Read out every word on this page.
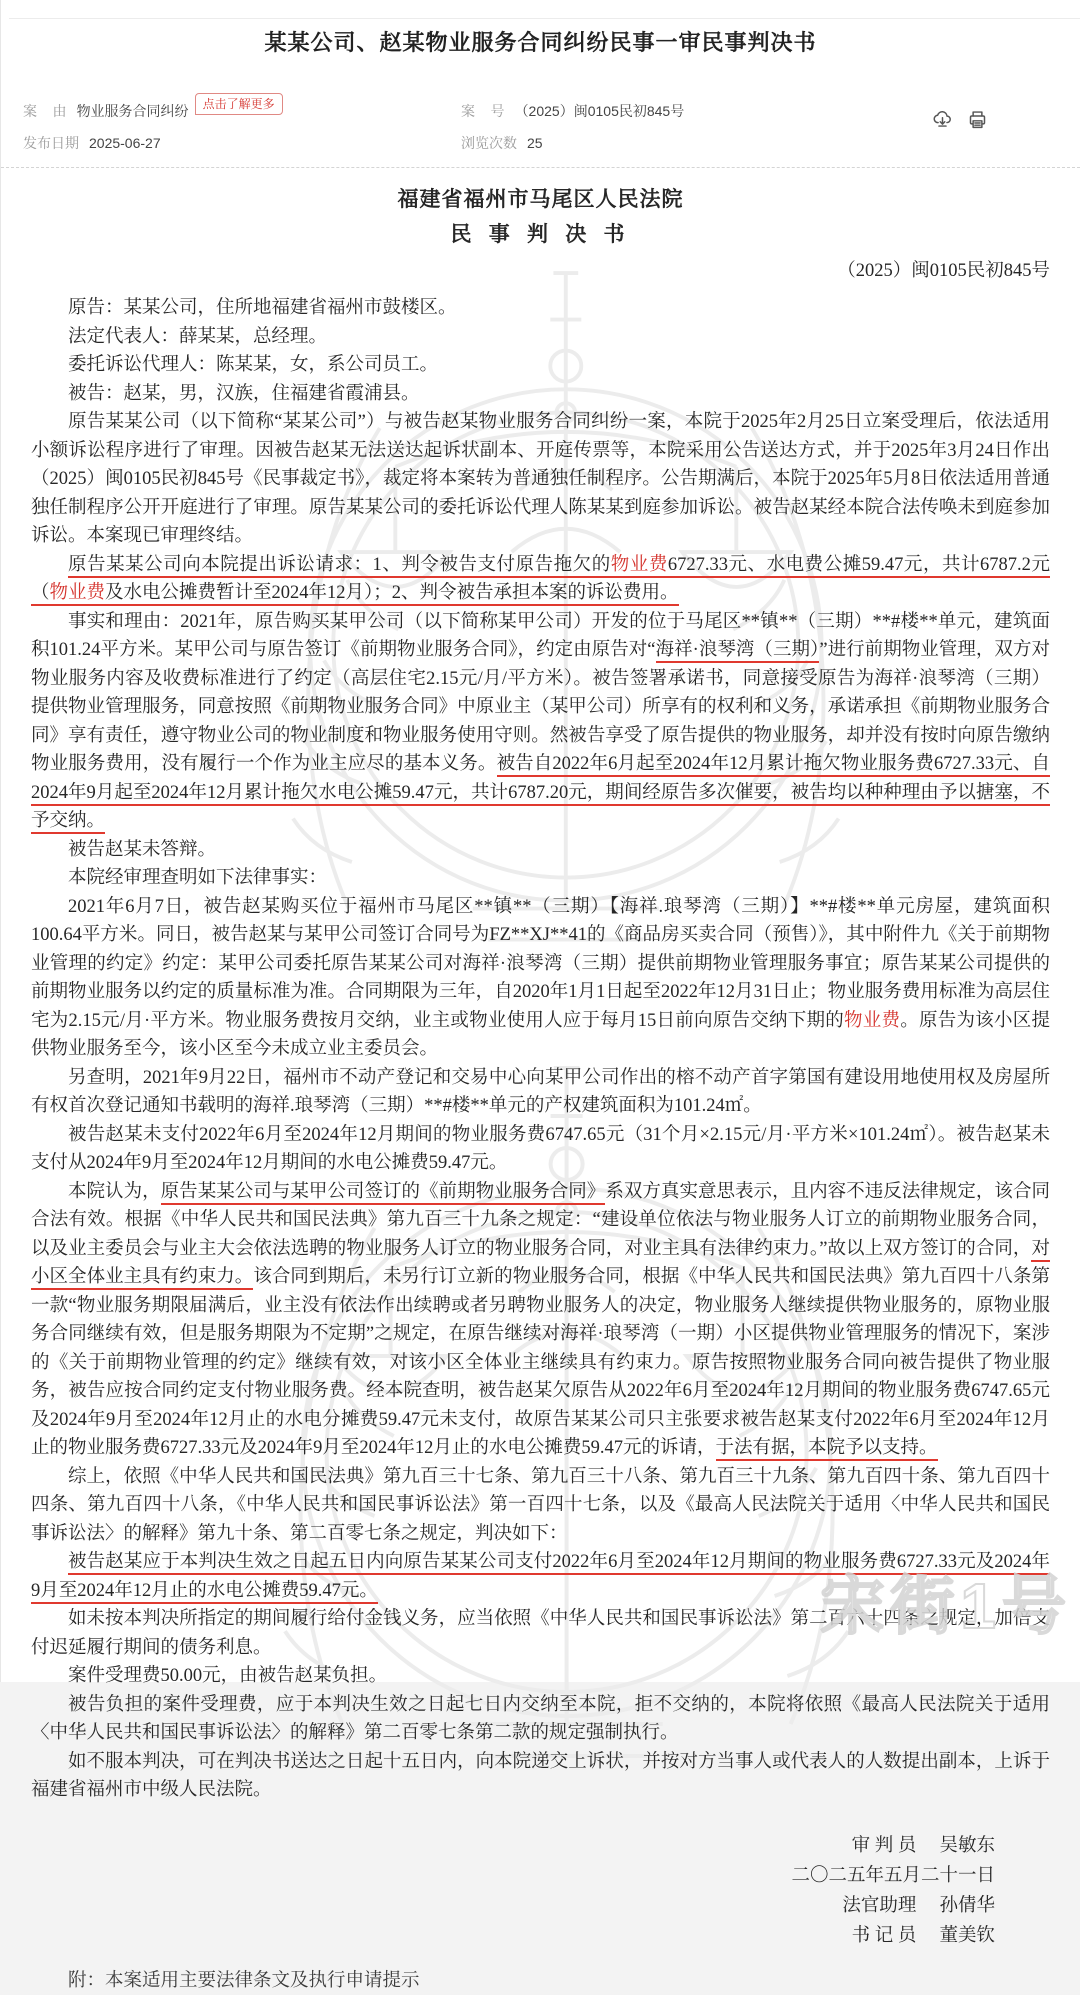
某某公司、赵某物业服务合同纠纷民事一审民事判决书
案    由 物业服务合同纠纷	点击了解更多	案    号 （2025）闽0105民初845号
发布日期 2025-06-27	浏览次数 25
宋街1号
福建省福州市马尾区人民法院
民 事 判 决 书
（2025）闽0105民初845号

原告：某某公司，住所地福建省福州市鼓楼区。

法定代表人：薛某某，总经理。

委托诉讼代理人：陈某某，女，系公司员工。

被告：赵某，男，汉族，住福建省霞浦县。

原告某某公司（以下简称“某某公司”）与被告赵某物业服务合同纠纷一案，本院于2025年2月25日立案受理后，依法适用小额诉讼程序进行了审理。因被告赵某无法送达起诉状副本、开庭传票等，本院采用公告送达方式，并于2025年3月24日作出（2025）闽0105民初845号《民事裁定书》，裁定将本案转为普通独任制程序。公告期满后，本院于2025年5月8日依法适用普通独任制程序公开开庭进行了审理。原告某某公司的委托诉讼代理人陈某某到庭参加诉讼。被告赵某经本院合法传唤未到庭参加诉讼。本案现已审理终结。

原告某某公司向本院提出诉讼请求：1、判令被告支付原告拖欠的物业费6727.33元、水电费公摊59.47元，共计6787.2元（物业费及水电公摊费暂计至2024年12月）；2、判令被告承担本案的诉讼费用。

事实和理由：2021年，原告购买某甲公司（以下简称某甲公司）开发的位于马尾区**镇**（三期）**#楼**单元，建筑面积101.24平方米。某甲公司与原告签订《前期物业服务合同》，约定由原告对“海祥·浪琴湾（三期）”进行前期物业管理，双方对物业服务内容及收费标准进行了约定（高层住宅2.15元/月/平方米）。被告签署承诺书，同意接受原告为海祥·浪琴湾（三期）提供物业管理服务，同意按照《前期物业服务合同》中原业主（某甲公司）所享有的权利和义务，承诺承担《前期物业服务合同》享有责任，遵守物业公司的物业制度和物业服务使用守则。然被告享受了原告提供的物业服务，却并没有按时向原告缴纳物业服务费用，没有履行一个作为业主应尽的基本义务。被告自2022年6月起至2024年12月累计拖欠物业服务费6727.33元、自2024年9月起至2024年12月累计拖欠水电公摊59.47元，共计6787.20元，期间经原告多次催要，被告均以种种理由予以搪塞，不予交纳。

被告赵某未答辩。

本院经审理查明如下法律事实：

2021年6月7日，被告赵某购买位于福州市马尾区**镇**（三期）【海祥.琅琴湾（三期）】**#楼**单元房屋，建筑面积100.64平方米。同日，被告赵某与某甲公司签订合同号为FZ**XJ**41的《商品房买卖合同（预售）》，其中附件九《关于前期物业管理的约定》约定：某甲公司委托原告某某公司对海祥·浪琴湾（三期）提供前期物业管理服务事宜；原告某某公司提供的前期物业服务以约定的质量标准为准。合同期限为三年，自2020年1月1日起至2022年12月31日止；物业服务费用标准为高层住宅为2.15元/月·平方米。物业服务费按月交纳，业主或物业使用人应于每月15日前向原告交纳下期的物业费。原告为该小区提供物业服务至今，该小区至今未成立业主委员会。

另查明，2021年9月22日，福州市不动产登记和交易中心向某甲公司作出的榕不动产首字第国有建设用地使用权及房屋所有权首次登记通知书载明的海祥.琅琴湾（三期）**#楼**单元的产权建筑面积为101.24㎡。

被告赵某未支付2022年6月至2024年12月期间的物业服务费6747.65元（31个月×2.15元/月·平方米×101.24㎡）。被告赵某未支付从2024年9月至2024年12月期间的水电公摊费59.47元。

本院认为，原告某某公司与某甲公司签订的《前期物业服务合同》系双方真实意思表示，且内容不违反法律规定，该合同合法有效。根据《中华人民共和国民法典》第九百三十九条之规定：“建设单位依法与物业服务人订立的前期物业服务合同，以及业主委员会与业主大会依法选聘的物业服务人订立的物业服务合同，对业主具有法律约束力。”故以上双方签订的合同，对小区全体业主具有约束力。该合同到期后，未另行订立新的物业服务合同，根据《中华人民共和国民法典》第九百四十八条第一款“物业服务期限届满后，业主没有依法作出续聘或者另聘物业服务人的决定，物业服务人继续提供物业服务的，原物业服务合同继续有效，但是服务期限为不定期”之规定，在原告继续对海祥·琅琴湾（一期）小区提供物业管理服务的情况下，案涉的《关于前期物业管理的约定》继续有效，对该小区全体业主继续具有约束力。原告按照物业服务合同向被告提供了物业服务，被告应按合同约定支付物业服务费。经本院查明，被告赵某欠原告从2022年6月至2024年12月期间的物业服务费6747.65元及2024年9月至2024年12月止的水电分摊费59.47元未支付，故原告某某公司只主张要求被告赵某支付2022年6月至2024年12月止的物业服务费6727.33元及2024年9月至2024年12月止的水电公摊费59.47元的诉请，于法有据，本院予以支持。

综上，依照《中华人民共和国民法典》第九百三十七条、第九百三十八条、第九百三十九条、第九百四十条、第九百四十四条、第九百四十八条，《中华人民共和国民事诉讼法》第一百四十七条，以及《最高人民法院关于适用〈中华人民共和国民事诉讼法〉的解释》第九十条、第二百零七条之规定，判决如下：

被告赵某应于本判决生效之日起五日内向原告某某公司支付2022年6月至2024年12月期间的物业服务费6727.33元及2024年9月至2024年12月止的水电公摊费59.47元。

如未按本判决所指定的期间履行给付金钱义务，应当依照《中华人民共和国民事诉讼法》第二百六十四条之规定，加倍支付迟延履行期间的债务利息。

案件受理费50.00元，由被告赵某负担。

被告负担的案件受理费，应于本判决生效之日起七日内交纳至本院，拒不交纳的，本院将依照《最高人民法院关于适用〈中华人民共和国民事诉讼法〉的解释》第二百零七条第二款的规定强制执行。

如不服本判决，可在判决书送达之日起十五日内，向本院递交上诉状，并按对方当事人或代表人的人数提出副本，上诉于福建省福州市中级人民法院。

审 判 员　 吴敏东
二〇二五年五月二十一日
法官助理　 孙倩华
书 记 员　 董美钦
附：本案适用主要法律条文及执行申请提示
